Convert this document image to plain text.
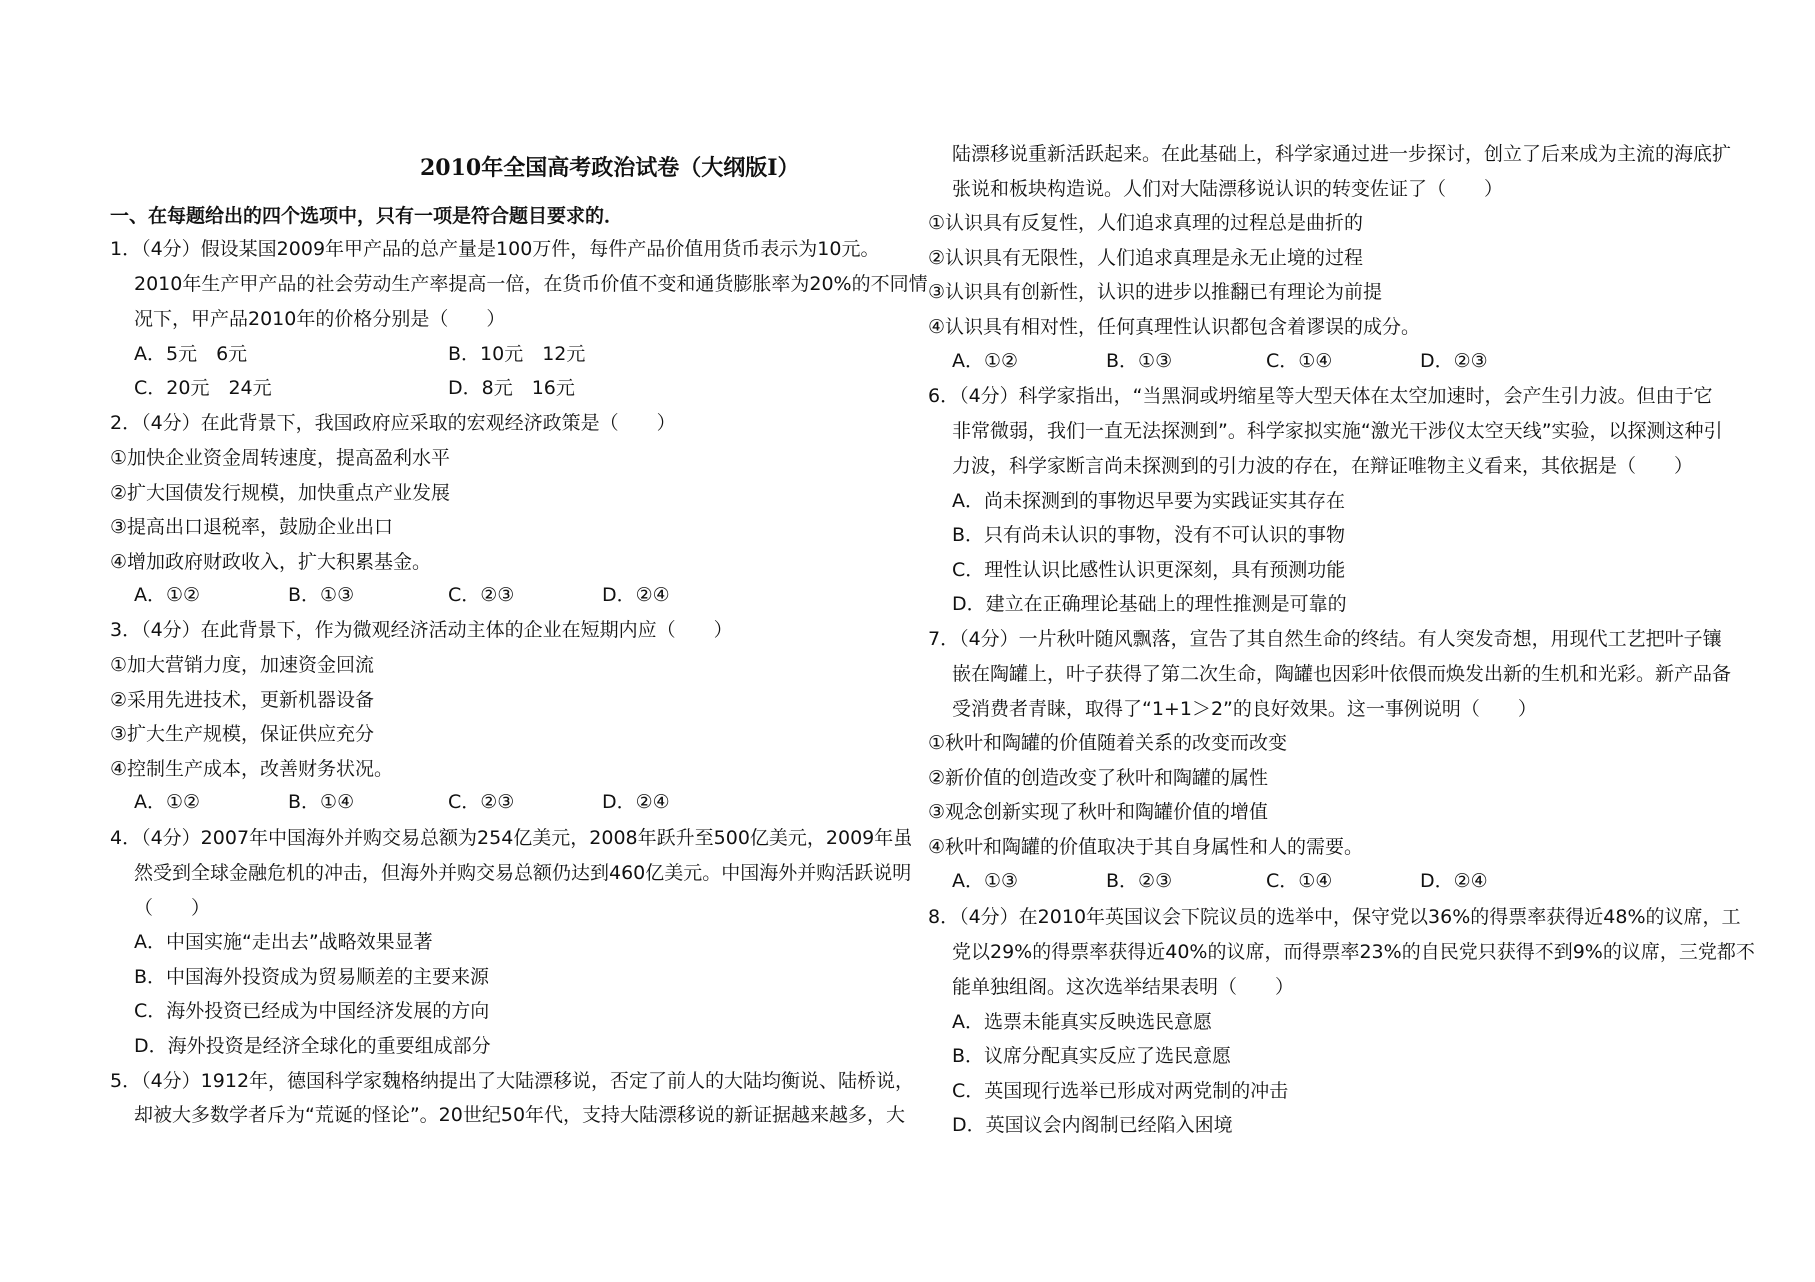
2010年全国高考政治试卷（大纲版I）
一、在每题给出的四个选项中，只有一项是符合题目要求的．
1．（4分）假设某国2009年甲产品的总产量是100万件，每件产品价值用货币表示为10元。
2010年生产甲产品的社会劳动生产率提高一倍，在货币价值不变和通货膨胀率为20%的不同情
况下，甲产品2010年的价格分别是（　　）
A．5元　6元	B．10元　12元
C．20元　24元	D．8元　16元
2．（4分）在此背景下，我国政府应采取的宏观经济政策是（　　）
①加快企业资金周转速度，提高盈利水平
②扩大国债发行规模，加快重点产业发展
③提高出口退税率，鼓励企业出口
④增加政府财政收入，扩大积累基金。
A．①②	B．①③	C．②③	D．②④
3．（4分）在此背景下，作为微观经济活动主体的企业在短期内应（　　）
①加大营销力度，加速资金回流
②采用先进技术，更新机器设备
③扩大生产规模，保证供应充分
④控制生产成本，改善财务状况。
A．①②	B．①④	C．②③	D．②④
4．（4分）2007年中国海外并购交易总额为254亿美元，2008年跃升至500亿美元，2009年虽
然受到全球金融危机的冲击，但海外并购交易总额仍达到460亿美元。中国海外并购活跃说明
（　　）
A．中国实施“走出去”战略效果显著
B．中国海外投资成为贸易顺差的主要来源
C．海外投资已经成为中国经济发展的方向
D．海外投资是经济全球化的重要组成部分
5．（4分）1912年，德国科学家魏格纳提出了大陆漂移说，否定了前人的大陆均衡说、陆桥说，
却被大多数学者斥为“荒诞的怪论”。20世纪50年代，支持大陆漂移说的新证据越来越多，大
陆漂移说重新活跃起来。在此基础上，科学家通过进一步探讨，创立了后来成为主流的海底扩
张说和板块构造说。人们对大陆漂移说认识的转变佐证了（　　）
①认识具有反复性，人们追求真理的过程总是曲折的
②认识具有无限性，人们追求真理是永无止境的过程
③认识具有创新性，认识的进步以推翻已有理论为前提
④认识具有相对性，任何真理性认识都包含着谬误的成分。
A．①②	B．①③	C．①④	D．②③
6．（4分）科学家指出，“当黑洞或坍缩星等大型天体在太空加速时，会产生引力波。但由于它
非常微弱，我们一直无法探测到”。科学家拟实施“激光干涉仪太空天线”实验，以探测这种引
力波，科学家断言尚未探测到的引力波的存在，在辩证唯物主义看来，其依据是（　　）
A．尚未探测到的事物迟早要为实践证实其存在
B．只有尚未认识的事物，没有不可认识的事物
C．理性认识比感性认识更深刻，具有预测功能
D．建立在正确理论基础上的理性推测是可靠的
7．（4分）一片秋叶随风飘落，宣告了其自然生命的终结。有人突发奇想，用现代工艺把叶子镶
嵌在陶罐上，叶子获得了第二次生命，陶罐也因彩叶依偎而焕发出新的生机和光彩。新产品备
受消费者青睐，取得了“1+1＞2”的良好效果。这一事例说明（　　）
①秋叶和陶罐的价值随着关系的改变而改变
②新价值的创造改变了秋叶和陶罐的属性
③观念创新实现了秋叶和陶罐价值的增值
④秋叶和陶罐的价值取决于其自身属性和人的需要。
A．①③	B．②③	C．①④	D．②④
8．（4分）在2010年英国议会下院议员的选举中，保守党以36%的得票率获得近48%的议席，工
党以29%的得票率获得近40%的议席，而得票率23%的自民党只获得不到9%的议席，三党都不
能单独组阁。这次选举结果表明（　　）
A．选票未能真实反映选民意愿
B．议席分配真实反应了选民意愿
C．英国现行选举已形成对两党制的冲击
D．英国议会内阁制已经陷入困境
